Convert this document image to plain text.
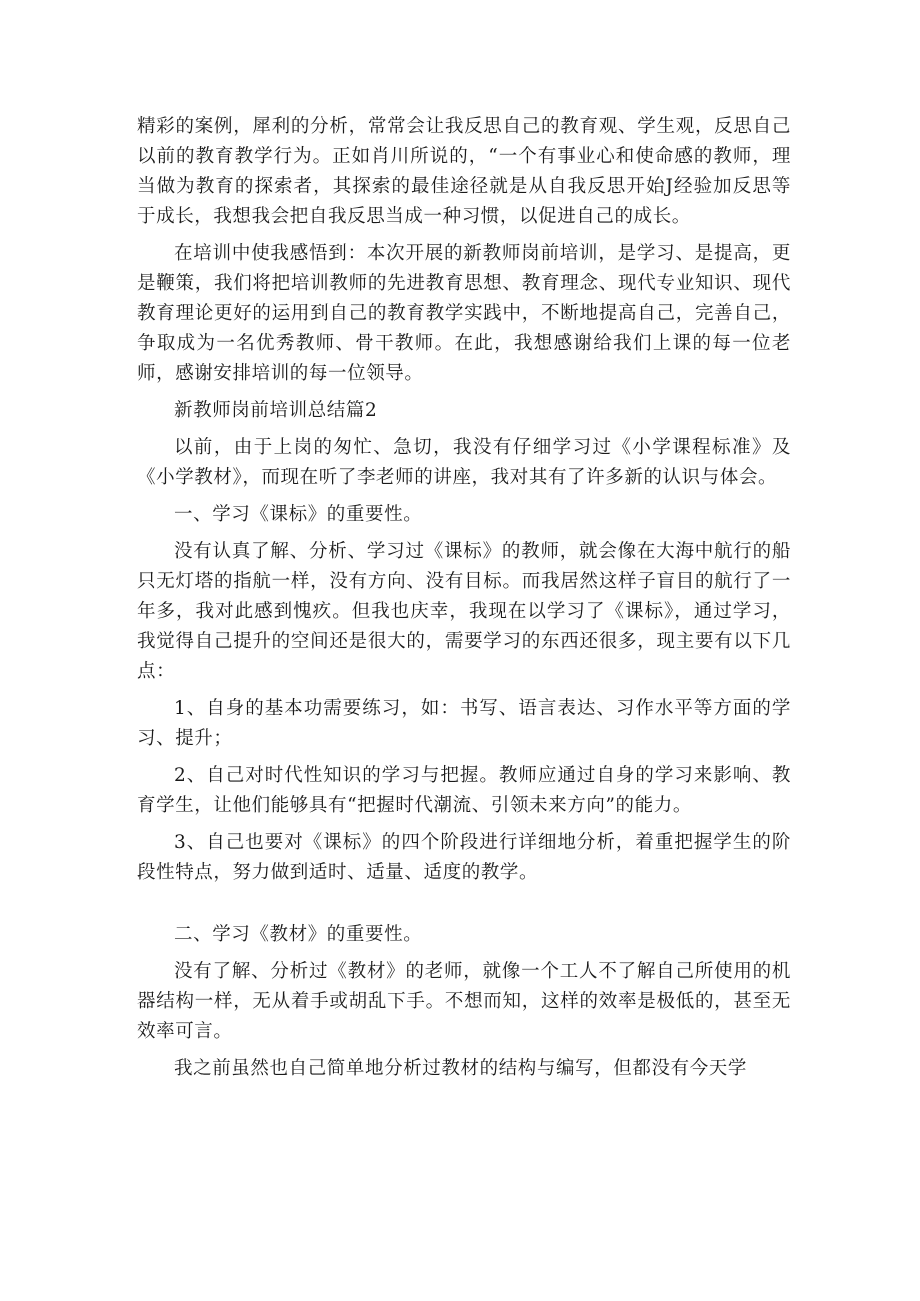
精彩的案例，犀利的分析，常常会让我反思自己的教育观、学生观，反思自己以前的教育教学行为。正如肖川所说的，“一个有事业心和使命感的教师，理当做为教育的探索者，其探索的最佳途径就是从自我反思开始J经验加反思等于成长，我想我会把自我反思当成一种习惯，以促进自己的成长。

在培训中使我感悟到：本次开展的新教师岗前培训，是学习、是提高，更是鞭策，我们将把培训教师的先进教育思想、教育理念、现代专业知识、现代教育理论更好的运用到自己的教育教学实践中，不断地提高自己，完善自己，争取成为一名优秀教师、骨干教师。在此，我想感谢给我们上课的每一位老师，感谢安排培训的每一位领导。

新教师岗前培训总结篇2

以前，由于上岗的匆忙、急切，我没有仔细学习过《小学课程标准》及《小学教材》，而现在听了李老师的讲座，我对其有了许多新的认识与体会。

一、学习《课标》的重要性。

没有认真了解、分析、学习过《课标》的教师，就会像在大海中航行的船只无灯塔的指航一样，没有方向、没有目标。而我居然这样子盲目的航行了一年多，我对此感到愧疚。但我也庆幸，我现在以学习了《课标》，通过学习，我觉得自己提升的空间还是很大的，需要学习的东西还很多，现主要有以下几点：

1、自身的基本功需要练习，如：书写、语言表达、习作水平等方面的学习、提升；

2、自己对时代性知识的学习与把握。教师应通过自身的学习来影响、教育学生，让他们能够具有“把握时代潮流、引领未来方向”的能力。

3、自己也要对《课标》的四个阶段进行详细地分析，着重把握学生的阶段性特点，努力做到适时、适量、适度的教学。

二、学习《教材》的重要性。

没有了解、分析过《教材》的老师，就像一个工人不了解自己所使用的机器结构一样，无从着手或胡乱下手。不想而知，这样的效率是极低的，甚至无效率可言。

我之前虽然也自己简单地分析过教材的结构与编写，但都没有今天学
